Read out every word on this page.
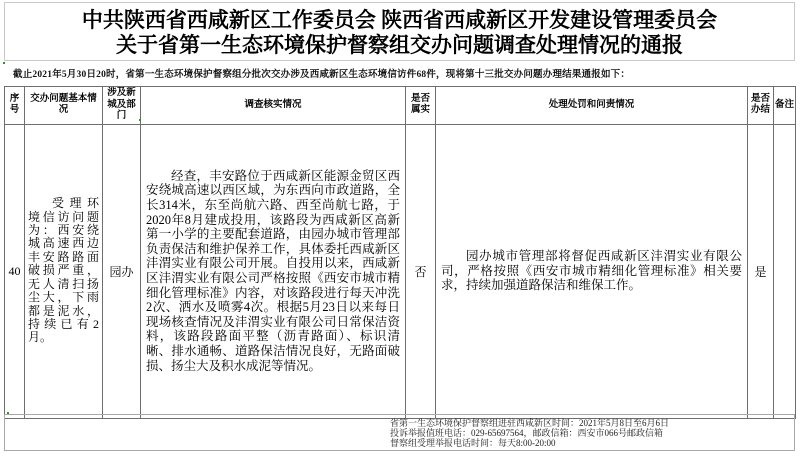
中共陕西省西咸新区工作委员会 陕西省西咸新区开发建设管理委员会
关于省第一生态环境保护督察组交办问题调查处理情况的通报
截止2021年5月30日20时，省第一生态环境保护督察组分批次交办涉及西咸新区生态环境信访件68件，现将第十三批交办问题办理结果通报如下：
序号	交办问题基本情况	涉及新城及部门	调查核实情况	是否属实	处理处罚和问责情况	是否办结	备注
40	受理环境信访问题为：西安绕城高速西边丰安路路面破损严重，无人清扫扬尘大，下雨都是泥水，持续已有2月。	园办	经查，丰安路位于西咸新区能源金贸区西安绕城高速以西区域，为东西向市政道路，全长314米，东至尚航六路、西至尚航七路，于2020年8月建成投用，该路段为西咸新区高新第一小学的主要配套道路，由园办城市管理部负责保洁和维护保养工作，具体委托西咸新区沣渭实业有限公司开展。自投用以来，西咸新区沣渭实业有限公司严格按照《西安市城市精细化管理标准》内容，对该路段进行每天冲洗2次、洒水及喷雾4次。根据5月23日以来每日现场核查情况及沣渭实业有限公司日常保洁资料，该路段路面平整（沥青路面）、标识清晰、排水通畅、道路保洁情况良好，无路面破损、扬尘大及积水成泥等情况。	否	园办城市管理部将督促西咸新区沣渭实业有限公司，严格按照《西安市城市精细化管理标准》相关要求，持续加强道路保洁和维保工作。	是	
省第一生态环境保护督察组进驻西咸新区时间：2021年5月8日至6月6日
投诉举报值班电话：029-65697564，邮政信箱：西安市066号邮政信箱
督察组受理举报电话时间：每天8:00-20:00
